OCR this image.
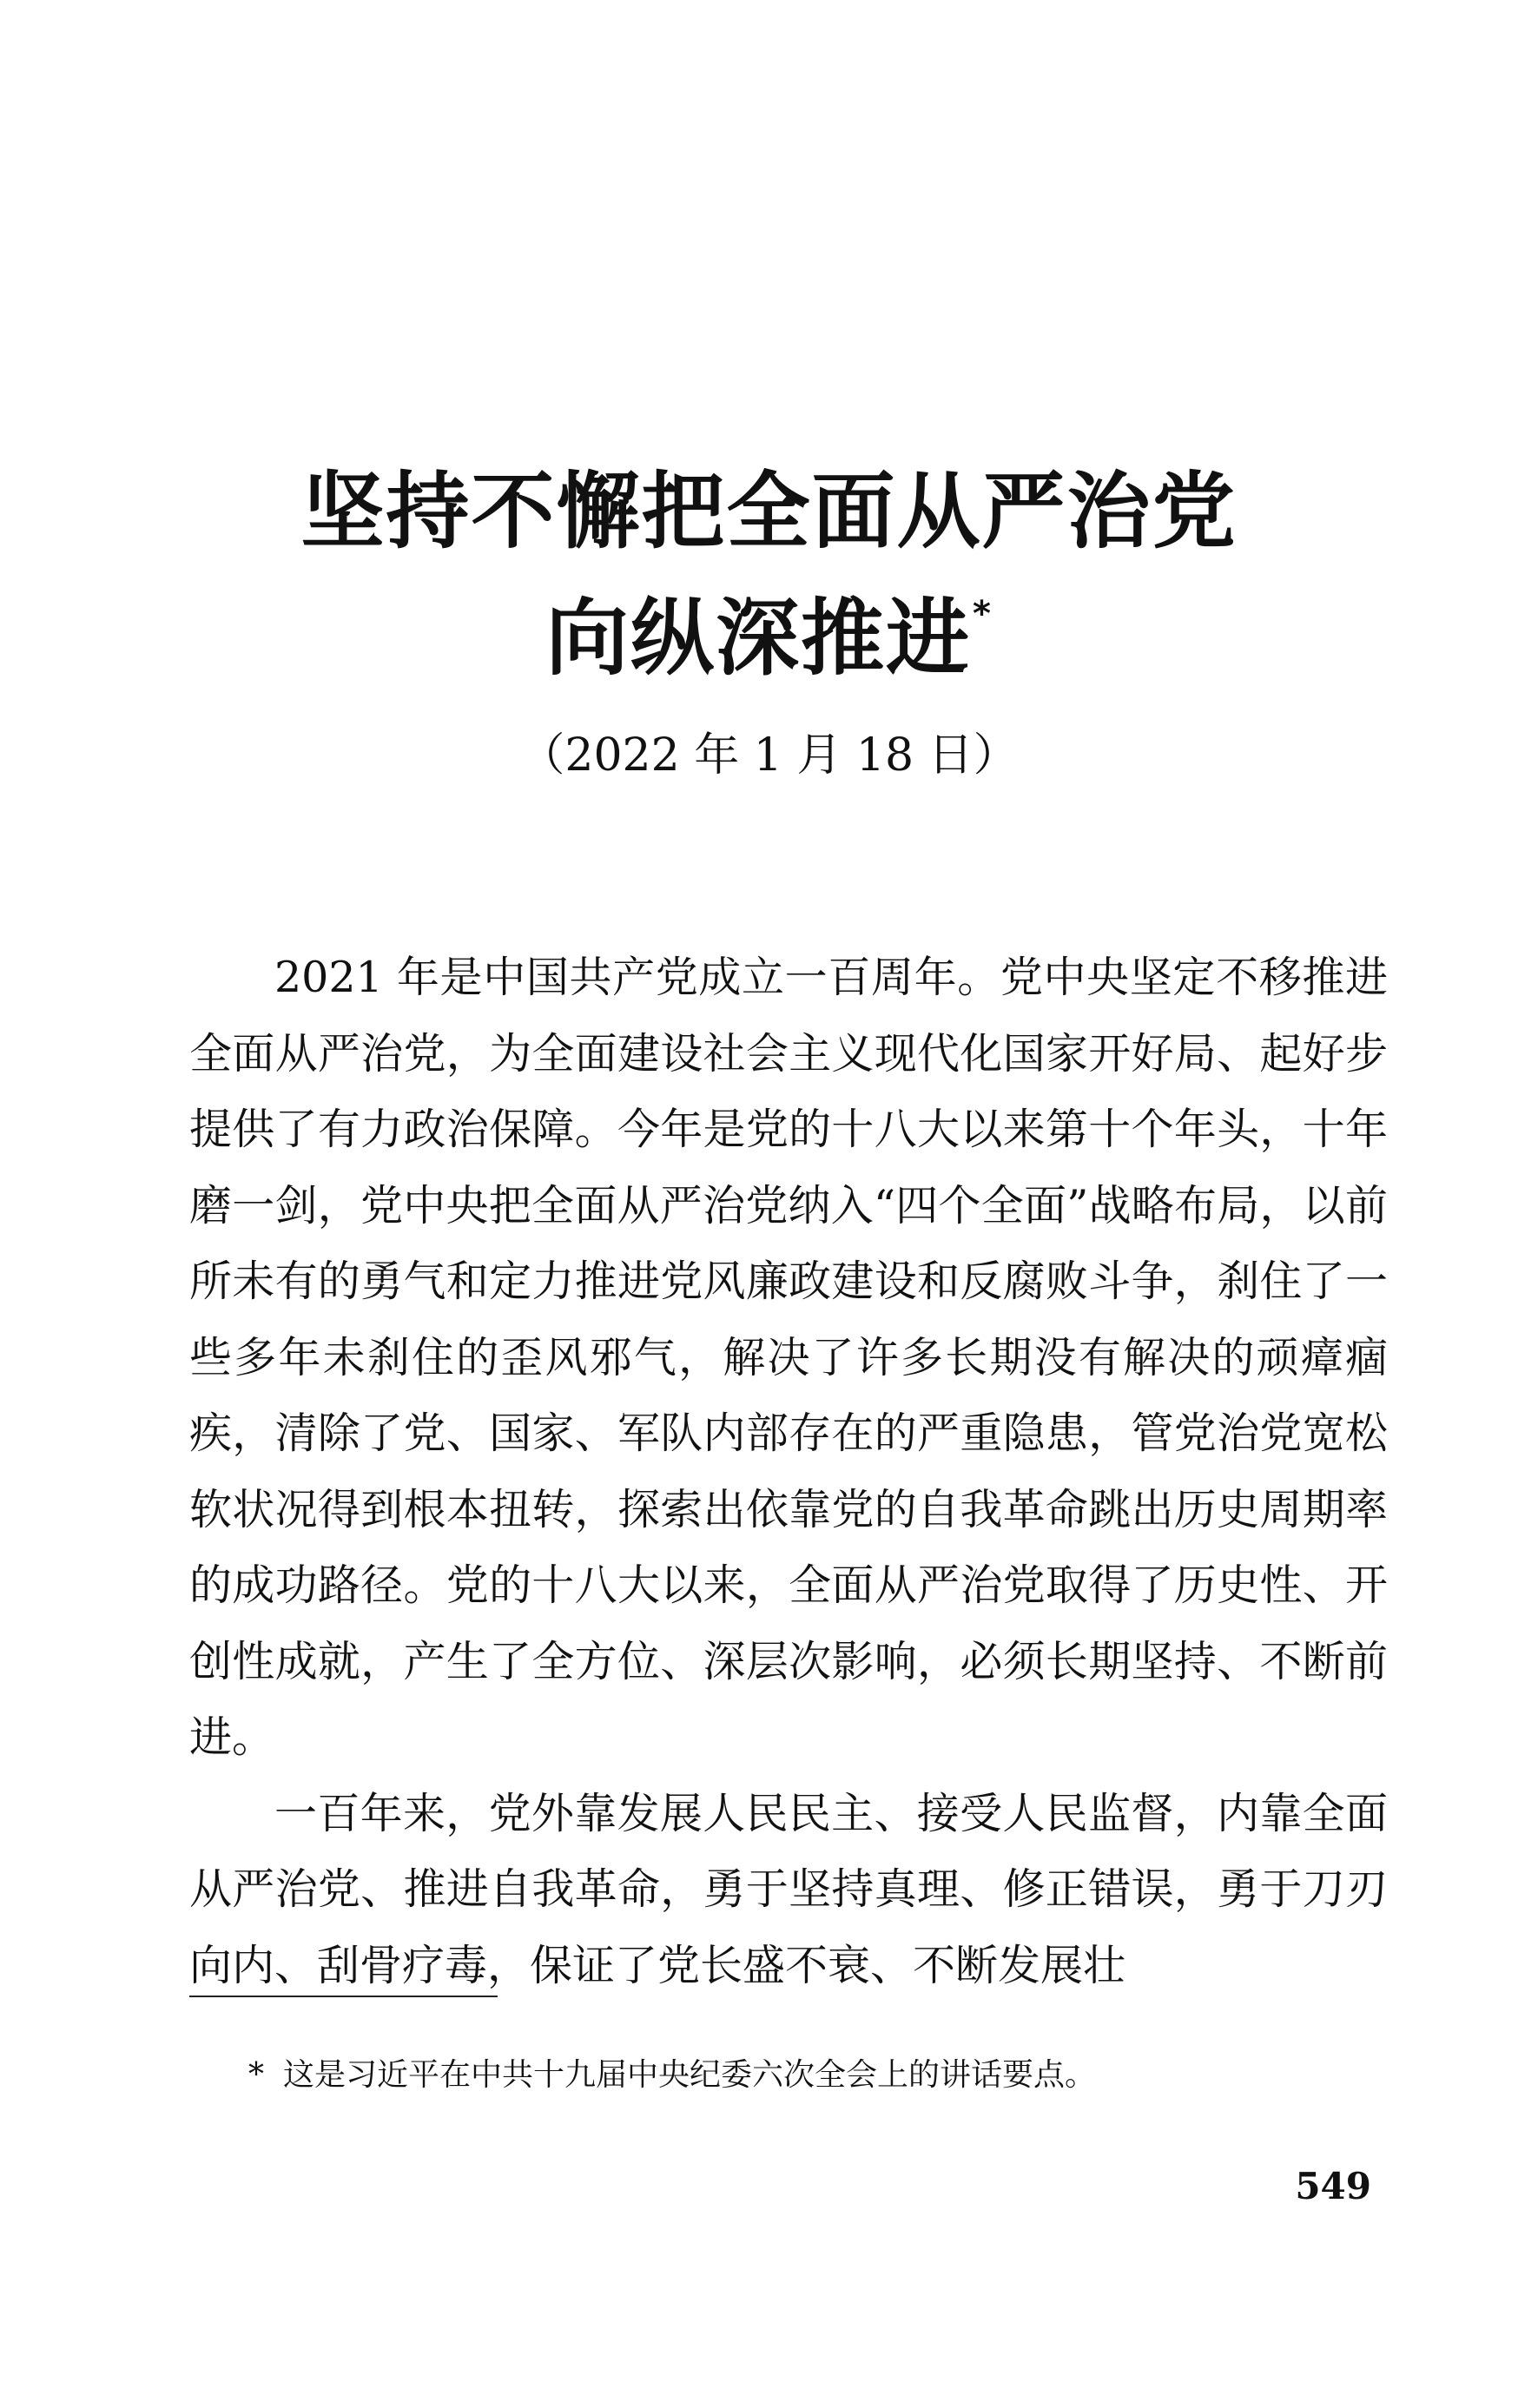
坚持不懈把全面从严治党
向纵深推进*
（2022 年 1 月 18 日）

2021 年是中国共产党成立一百周年。党中央坚定不移推进全面从严治党，为全面建设社会主义现代化国家开好局、起好步提供了有力政治保障。今年是党的十八大以来第十个年头，十年磨一剑，党中央把全面从严治党纳入“四个全面”战略布局，以前所未有的勇气和定力推进党风廉政建设和反腐败斗争，刹住了一些多年未刹住的歪风邪气，解决了许多长期没有解决的顽瘴痼疾，清除了党、国家、军队内部存在的严重隐患，管党治党宽松软状况得到根本扭转，探索出依靠党的自我革命跳出历史周期率的成功路径。党的十八大以来，全面从严治党取得了历史性、开创性成就，产生了全方位、深层次影响，必须长期坚持、不断前进。

一百年来，党外靠发展人民民主、接受人民监督，内靠全面从严治党、推进自我革命，勇于坚持真理、修正错误，勇于刀刃向内、刮骨疗毒，保证了党长盛不衰、不断发展壮

* 这是习近平在中共十九届中央纪委六次全会上的讲话要点。
549
